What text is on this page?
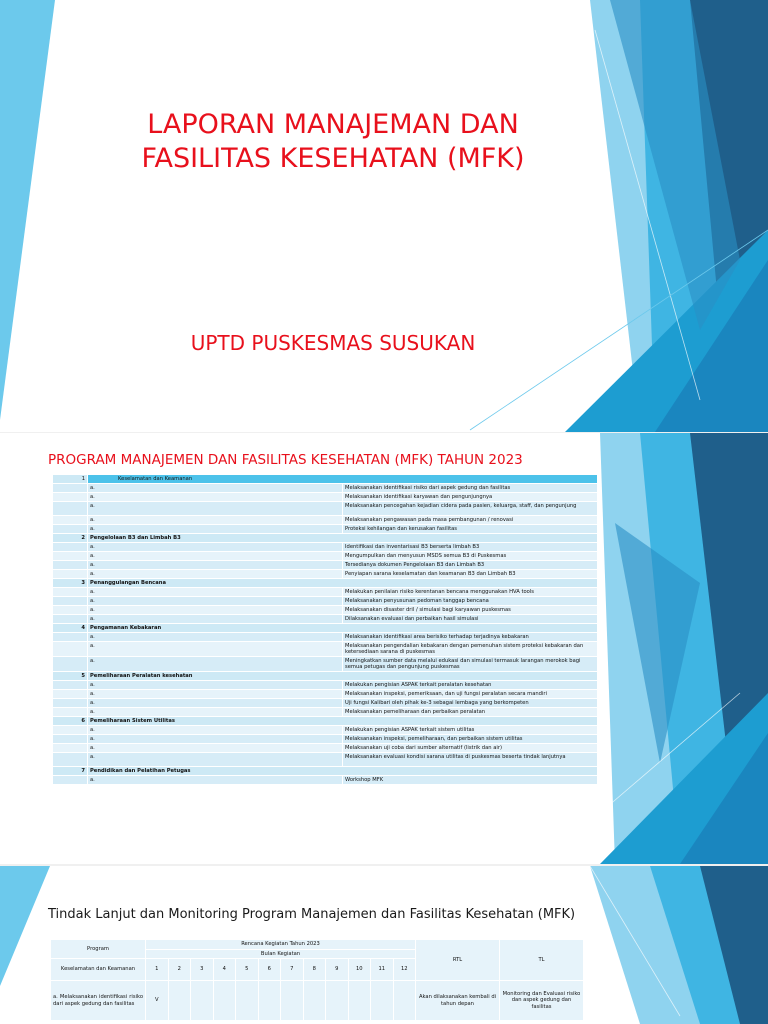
LAPORAN MANAJEMAN DAN
FASILITAS KESEHATAN (MFK)
UPTD PUSKESMAS SUSUKAN
PROGRAM MANAJEMEN DAN FASILITAS KESEHATAN (MFK) TAHUN 2023
1	Keselamatan dan Keamanan	
	a.	Melaksanakan identifikasi risiko dari aspek gedung dan fasilitas
	a.	Melaksanakan identifikasi karyawan dan pengunjungnya
	a.	Melaksanakan pencegahan kejadian cidera pada pasien, keluarga, staff, dan pengunjung
	a.	Melaksanakan pengawasan pada masa pembangunan / renovasi
	a.	Proteksi kehilangan dan kerusakan fasilitas
2	Pengelolaan B3 dan Limbah B3	
	a.	Identifikasi dan inventarisasi B3 berserta limbah B3
	a.	Mengumpulkan dan menyusun MSDS semua B3 di Puskesmas
	a.	Tersedianya dokumen Pengelolaan B3 dan Limbah B3
	a.	Penyiapan sarana keselamatan dan keamanan B3 dan Limbah B3
3	Penanggulangan Bencana	
	a.	Melakukan penilaian risiko kerentanan bencana menggunakan HVA tools
	a.	Melaksanakan penyusunan pedoman tanggap bencana
	a.	Melaksanakan disaster dril / simulasi bagi karyawan puskesmas
	a.	Dilaksanakan evaluasi dan perbaikan hasil simulasi
4	Pengamanan Kebakaran	
	a.	Melaksanakan identifikasi area berisiko terhadap terjadinya kebakaran
	a.	Melaksanakan pengendalian kebakaran dengan pemenuhan sistem proteksi kebakaran dan ketersediaan sarana di puskesmas
	a.	Meningkatkan sumber data melalui edukasi dan simulasi termasuk larangan merokok bagi semua petugas dan pengunjung puskesmas
5	Pemeliharaan Peralatan kesehatan	
	a.	Melakukan pengisian ASPAK terkait peralatan kesehatan
	a.	Melaksanakan inspeksi, pemeriksaan, dan uji fungsi peralatan secara mandiri
	a.	Uji fungsi Kalibari oleh pihak ke-3 sebagai lembaga yang berkompeten
	a.	Melaksanakan pemeliharaan dan perbaikan peralatan
6	Pemeliharaan Sistem Utilitas	
	a.	Melakukan pengisian ASPAK terkait sistem utilitas
	a.	Melaksanakan inspeksi, pemeliharaan, dan perbaikan sistem utilitas
	a.	Melaksanakan uji coba dari sumber alternatif (listrik dan air)
	a.	Melaksanakan evaluasi kondisi sarana utilitas di puskesmas beserta tindak lanjutnya
7	Pendidikan dan Pelatihan Petugas	
	a.	Workshop MFK
Tindak Lanjut dan Monitoring Program Manajemen dan Fasilitas Kesehatan (MFK)
Program	Rencana Kegiatan Tahun 2023												RTL	TL
	Bulan Kegiatan													
Keselamatan dan Keamanan	1	2	3	4	5	6	7	8	9	10	11	12		
a. Melaksanakan identifikasi risiko dari aspek gedung dan fasilitas	V												Akan dilaksanakan kembali di tahun depan	Monitoring dan Evaluasi risiko dan aspek gedung dan fasilitas
